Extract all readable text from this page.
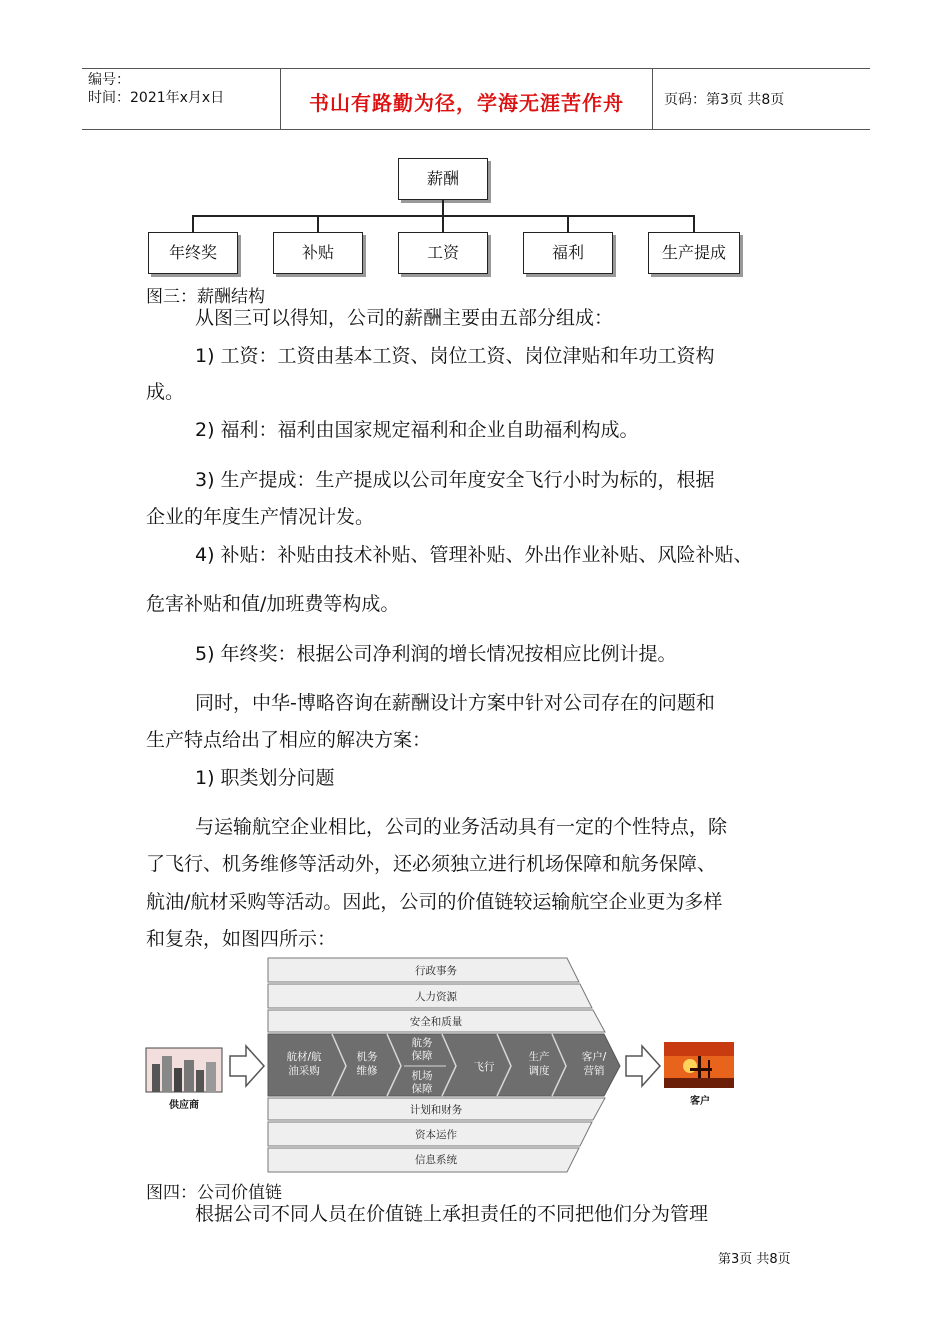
编号：
时间：2021年x月x日	书山有路勤为径，学海无涯苦作舟	页码：第3页 共8页
薪酬
年终奖	补贴	工资	福利	生产提成
图三：薪酬结构
从图三可以得知，公司的薪酬主要由五部分组成：
1) 工资：工资由基本工资、岗位工资、岗位津贴和年功工资构
成。
2) 福利：福利由国家规定福利和企业自助福利构成。
3) 生产提成：生产提成以公司年度安全飞行小时为标的，根据
企业的年度生产情况计发。
4) 补贴：补贴由技术补贴、管理补贴、外出作业补贴、风险补贴、
危害补贴和值/加班费等构成。
5) 年终奖：根据公司净利润的增长情况按相应比例计提。
同时，中华-博略咨询在薪酬设计方案中针对公司存在的问题和
生产特点给出了相应的解决方案：
1) 职类划分问题
与运输航空企业相比，公司的业务活动具有一定的个性特点，除
了飞行、机务维修等活动外，还必须独立进行机场保障和航务保障、
航油/航材采购等活动。因此，公司的价值链较运输航空企业更为多样
和复杂，如图四所示：
行政事务
人力资源
安全和质量
计划和财务
资本运作
信息系统
航材/航
油采购
机务
维修
航务
保障
机场
保障
飞行
生产
调度
客户/
营销
供应商	客户
图四：公司价值链
根据公司不同人员在价值链上承担责任的不同把他们分为管理
第3页 共8页
